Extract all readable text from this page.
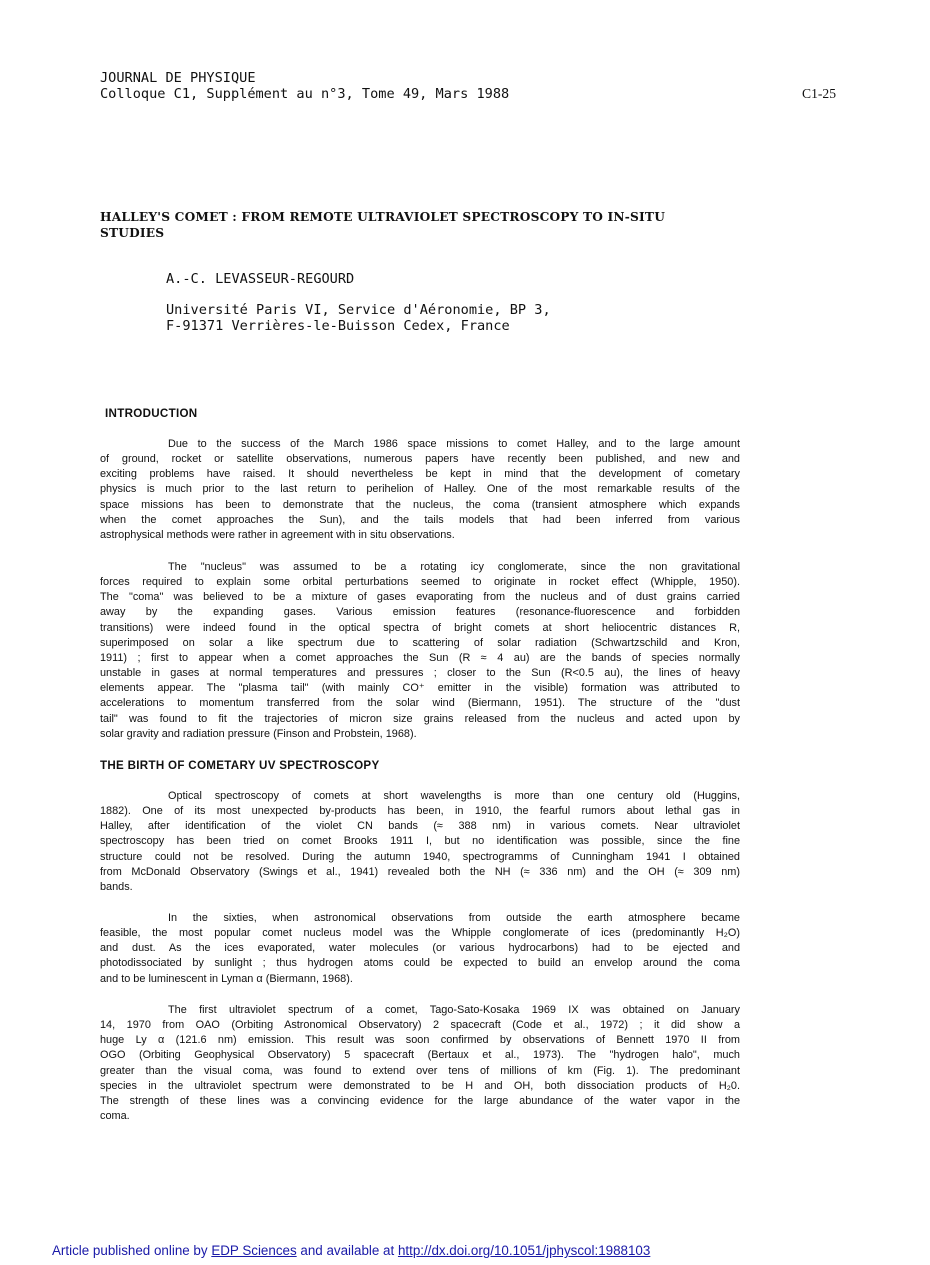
JOURNAL DE PHYSIQUE
Colloque C1, Supplément au n°3, Tome 49, Mars 1988	C1-25
HALLEY'S COMET : FROM REMOTE ULTRAVIOLET SPECTROSCOPY TO IN-SITU
STUDIES
A.-C. LEVASSEUR-REGOURD
Université Paris VI, Service d'Aéronomie, BP 3,
F-91371 Verrières-le-Buisson Cedex, France
INTRODUCTION
Due to the success of the March 1986 space missions to comet Halley, and to the large amount
of ground, rocket or satellite observations, numerous papers have recently been published, and new and
exciting problems have raised. It should nevertheless be kept in mind that the development of cometary
physics is much prior to the last return to perihelion of Halley. One of the most remarkable results of the
space missions has been to demonstrate that the nucleus, the coma (transient atmosphere which expands
when the comet approaches the Sun), and the tails models that had been inferred from various
astrophysical methods were rather in agreement with in situ observations.
The "nucleus" was assumed to be a rotating icy conglomerate, since the non gravitational
forces required to explain some orbital perturbations seemed to originate in rocket effect (Whipple, 1950).
The "coma" was believed to be a mixture of gases evaporating from the nucleus and of dust grains carried
away by the expanding gases. Various emission features (resonance-fluorescence and forbidden
transitions) were indeed found in the optical spectra of bright comets at short heliocentric distances R,
superimposed on solar a like spectrum due to scattering of solar radiation (Schwartzschild and Kron,
1911) ; first to appear when a comet approaches the Sun (R ≈ 4 au) are the bands of species normally
unstable in gases at normal temperatures and pressures ; closer to the Sun (R<0.5 au), the lines of heavy
elements appear. The "plasma tail" (with mainly CO⁺ emitter in the visible) formation was attributed to
accelerations to momentum transferred from the solar wind (Biermann, 1951). The structure of the "dust
tail" was found to fit the trajectories of micron size grains released from the nucleus and acted upon by
solar gravity and radiation pressure (Finson and Probstein, 1968).
THE BIRTH OF COMETARY UV SPECTROSCOPY
Optical spectroscopy of comets at short wavelengths is more than one century old (Huggins,
1882). One of its most unexpected by-products has been, in 1910, the fearful rumors about lethal gas in
Halley, after identification of the violet CN bands (≈ 388 nm) in various comets. Near ultraviolet
spectroscopy has been tried on comet Brooks 1911 I, but no identification was possible, since the fine
structure could not be resolved. During the autumn 1940, spectrogramms of Cunningham 1941 I obtained
from McDonald Observatory (Swings et al., 1941) revealed both the NH (≈ 336 nm) and the OH (≈ 309 nm)
bands.
In the sixties, when astronomical observations from outside the earth atmosphere became
feasible, the most popular comet nucleus model was the Whipple conglomerate of ices (predominantly H₂O)
and dust. As the ices evaporated, water molecules (or various hydrocarbons) had to be ejected and
photodissociated by sunlight ; thus hydrogen atoms could be expected to build an envelop around the coma
and to be luminescent in Lyman α (Biermann, 1968).
The first ultraviolet spectrum of a comet, Tago-Sato-Kosaka 1969 IX was obtained on January
14, 1970 from OAO (Orbiting Astronomical Observatory) 2 spacecraft (Code et al., 1972) ; it did show a
huge Ly α (121.6 nm) emission. This result was soon confirmed by observations of Bennett 1970 II from
OGO (Orbiting Geophysical Observatory) 5 spacecraft (Bertaux et al., 1973). The "hydrogen halo", much
greater than the visual coma, was found to extend over tens of millions of km (Fig. 1). The predominant
species in the ultraviolet spectrum were demonstrated to be H and OH, both dissociation products of H₂0.
The strength of these lines was a convincing evidence for the large abundance of the water vapor in the
coma.
Article published online by EDP Sciences and available at http://dx.doi.org/10.1051/jphyscol:1988103
